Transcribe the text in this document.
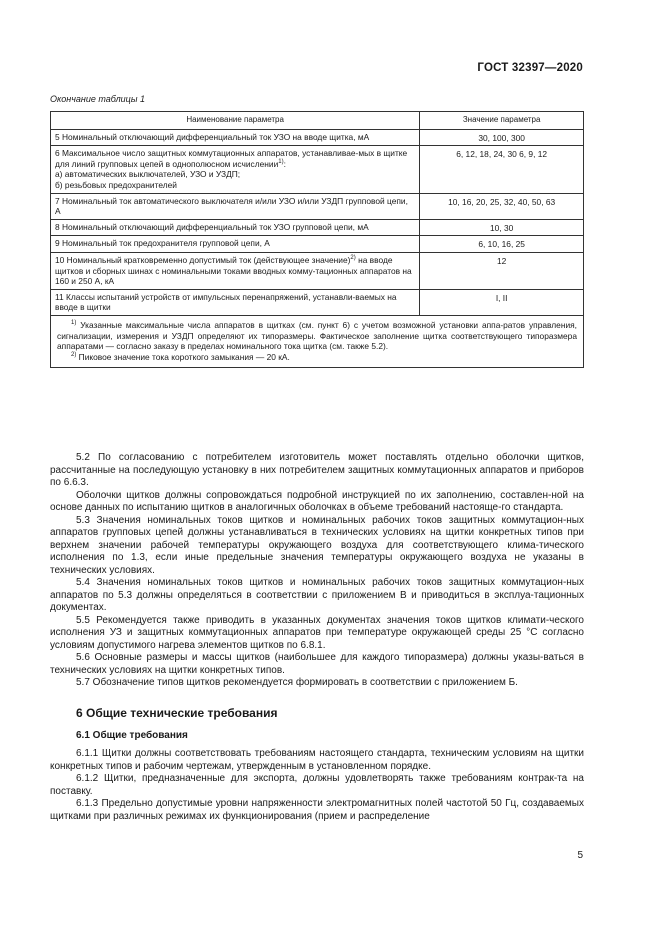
ГОСТ 32397—2020
Окончание таблицы 1
Наименование параметра	Значение параметра
5 Номинальный отключающий дифференциальный ток УЗО на вводе щитка, мА	30, 100, 300
6 Максимальное число защитных коммутационных аппаратов, устанавливае-мых в щитке для линий групповых цепей в однополюсном исчислении$^{1)}$:
а) автоматических выключателей, УЗО и УЗДП;
б) резьбовых предохранителей	6, 12, 18, 24, 30 6, 9, 12
7 Номинальный ток автоматического выключателя и/или УЗО и/или УЗДП групповой цепи, А	10, 16, 20, 25, 32, 40, 50, 63
8 Номинальный отключающий дифференциальный ток УЗО групповой цепи, мА	10, 30
9 Номинальный ток предохранителя групповой цепи, А	6, 10, 16, 25
10 Номинальный кратковременно допустимый ток (действующее значение)$^{2)}$ на вводе щитков и сборных шинах с номинальными токами вводных комму-тационных аппаратов на 160 и 250 А, кА	12
11 Классы испытаний устройств от импульсных перенапряжений, устанавли-ваемых на вводе в щитки	I, II

$^{1)}$ Указанные максимальные числа аппаратов в щитках (см. пункт 6) с учетом возможной установки аппа-ратов управления, сигнализации, измерения и УЗДП определяют их типоразмеры. Фактическое заполнение щитка соответствующего типоразмера аппаратами — согласно заказу в пределах номинального тока щитка (см. также 5.2).
$^{2)}$ Пиковое значение тока короткого замыкания — 20 кА.	

5.2 По согласованию с потребителем изготовитель может поставлять отдельно оболочки щитков, рассчитанные на последующую установку в них потребителем защитных коммутационных аппаратов и приборов по 6.6.3.

Оболочки щитков должны сопровождаться подробной инструкцией по их заполнению, составлен-ной на основе данных по испытанию щитков в аналогичных оболочках в объеме требований настояще-го стандарта.

5.3 Значения номинальных токов щитков и номинальных рабочих токов защитных коммутацион-ных аппаратов групповых цепей должны устанавливаться в технических условиях на щитки конкретных типов при верхнем значении рабочей температуры окружающего воздуха для соответствующего клима-тического исполнения по 1.3, если иные предельные значения температуры окружающего воздуха не указаны в технических условиях.

5.4 Значения номинальных токов щитков и номинальных рабочих токов защитных коммутацион-ных аппаратов по 5.3 должны определяться в соответствии с приложением В и приводиться в эксплуа-тационных документах.

5.5 Рекомендуется также приводить в указанных документах значения токов щитков климати-ческого исполнения УЗ и защитных коммутационных аппаратов при температуре окружающей среды 25 °С согласно условиям допустимого нагрева элементов щитков по 6.8.1.

5.6 Основные размеры и массы щитков (наибольшее для каждого типоразмера) должны указы-ваться в технических условиях на щитки конкретных типов.

5.7 Обозначение типов щитков рекомендуется формировать в соответствии с приложением Б.

6 Общие технические требования

6.1 Общие требования

6.1.1 Щитки должны соответствовать требованиям настоящего стандарта, техническим условиям на щитки конкретных типов и рабочим чертежам, утвержденным в установленном порядке.

6.1.2 Щитки, предназначенные для экспорта, должны удовлетворять также требованиям контрак-та на поставку.

6.1.3 Предельно допустимые уровни напряженности электромагнитных полей частотой 50 Гц, создаваемых щитками при различных режимах их функционирования (прием и распределение

5
